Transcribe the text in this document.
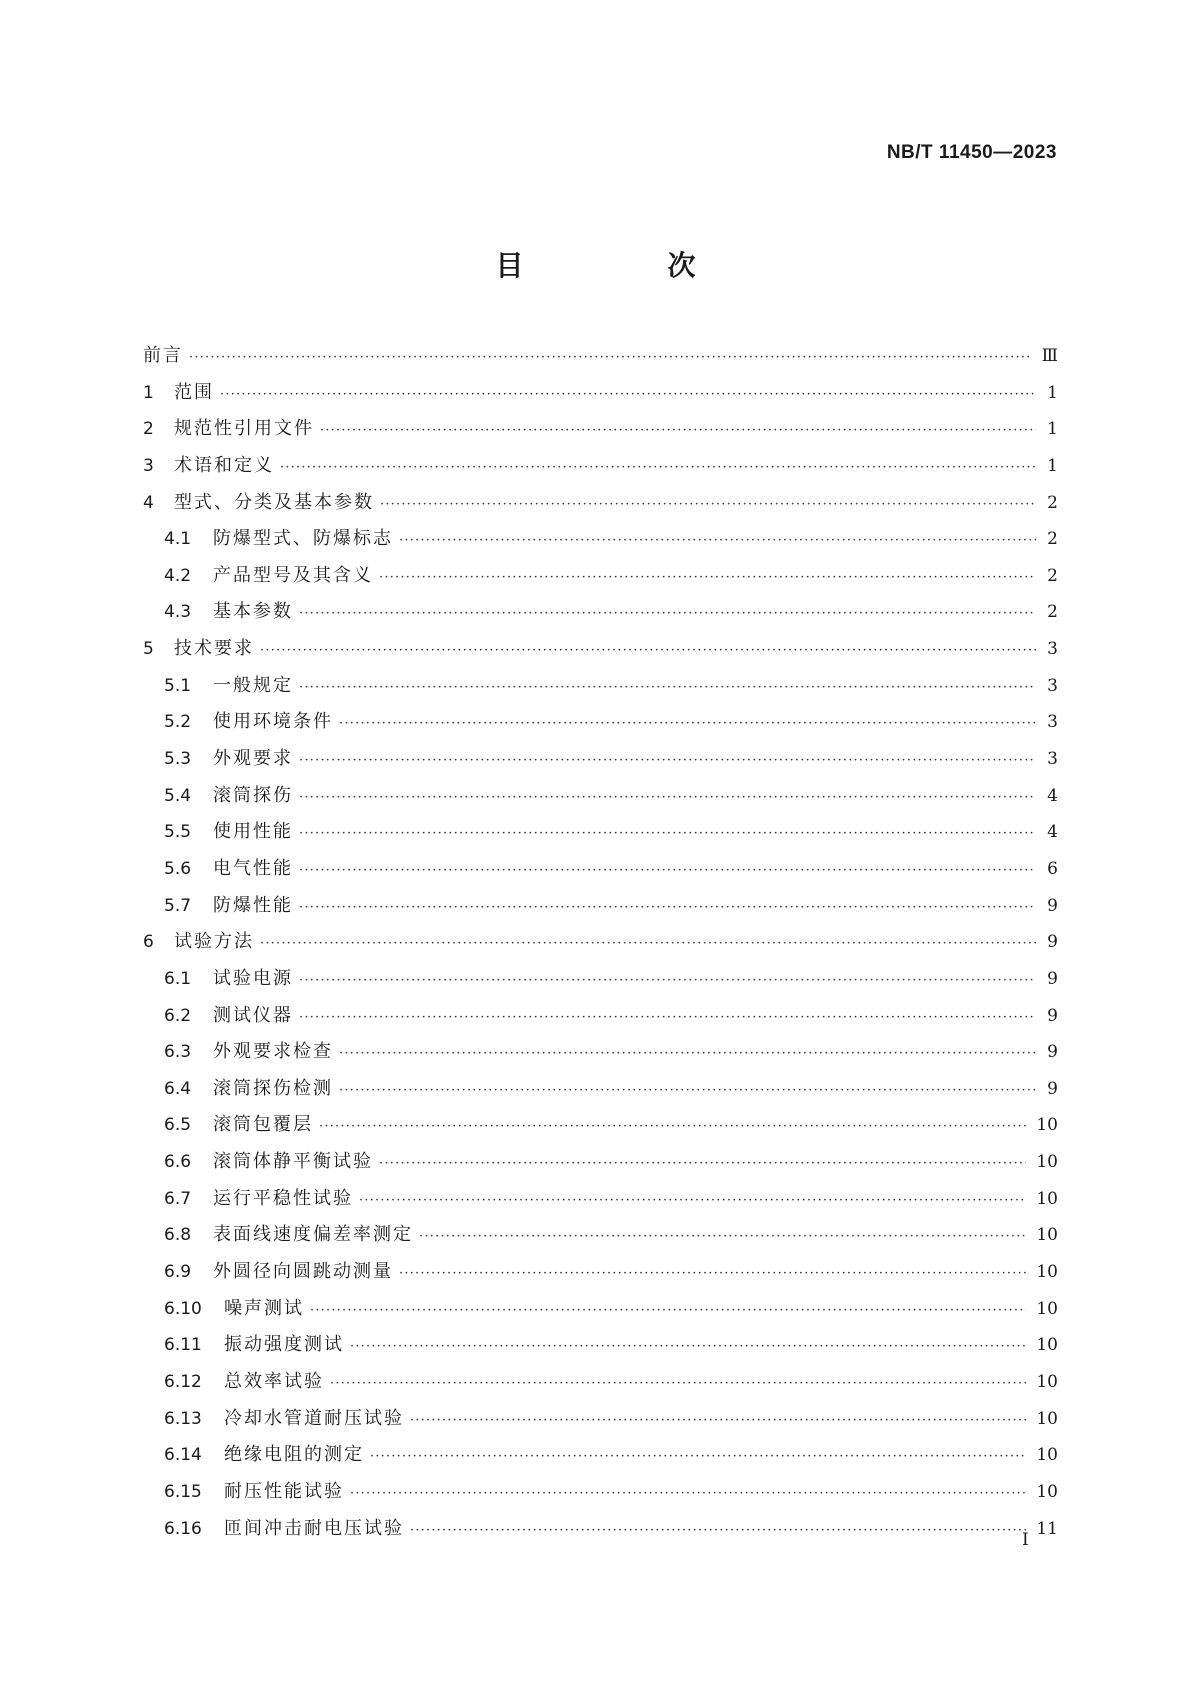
NB/T 11450—2023
目　次
前言 ·····	Ⅲ
1	范围 ·····	1
2	规范性引用文件 ·····	1
3	术语和定义 ·····	1
4	型式、分类及基本参数 ·····	2
4.1	防爆型式、防爆标志 ·····	2
4.2	产品型号及其含义 ·····	2
4.3	基本参数 ·····	2
5	技术要求 ·····	3
5.1	一般规定 ·····	3
5.2	使用环境条件 ·····	3
5.3	外观要求 ·····	3
5.4	滚筒探伤 ·····	4
5.5	使用性能 ·····	4
5.6	电气性能 ·····	6
5.7	防爆性能 ·····	9
6	试验方法 ·····	9
6.1	试验电源 ·····	9
6.2	测试仪器 ·····	9
6.3	外观要求检查 ·····	9
6.4	滚筒探伤检测 ·····	9
6.5	滚筒包覆层 ·····	10
6.6	滚筒体静平衡试验 ·····	10
6.7	运行平稳性试验 ·····	10
6.8	表面线速度偏差率测定 ·····	10
6.9	外圆径向圆跳动测量 ·····	10
6.10	噪声测试 ·····	10
6.11	振动强度测试 ·····	10
6.12	总效率试验 ·····	10
6.13	冷却水管道耐压试验 ·····	10
6.14	绝缘电阻的测定 ·····	10
6.15	耐压性能试验 ·····	10
6.16	匝间冲击耐电压试验 ·····	11
Ⅰ
